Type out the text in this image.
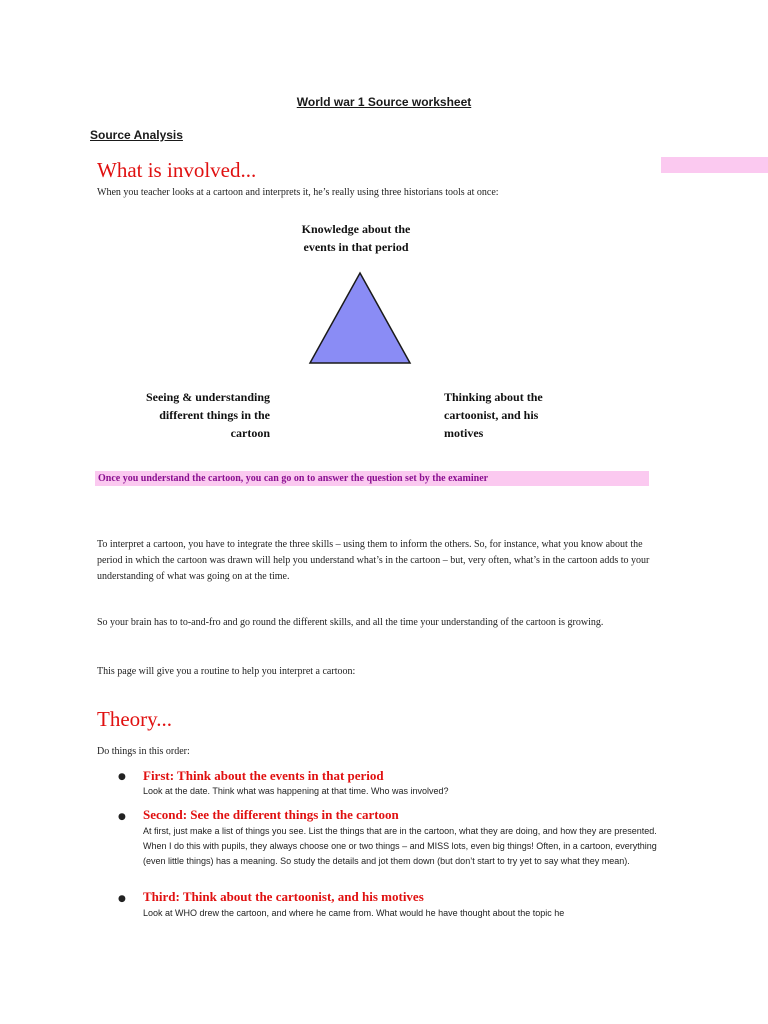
World war 1 Source worksheet
Source Analysis
What is involved...
When you teacher looks at a cartoon and interprets it, he’s really using three historians tools at once:
Knowledge about the
events in that period
Seeing & understanding
different things in the
cartoon
Thinking about the
cartoonist, and his
motives
Once you understand the cartoon, you can go on to answer the question set by the examiner
To interpret a cartoon, you have to integrate the three skills – using them to inform the others. So, for instance, what you know about the period in which the cartoon was drawn will help you understand what’s in the cartoon – but, very often, what’s in the cartoon adds to your understanding of what was going on at the time.
So your brain has to to-and-fro and go round the different skills, and all the time your understanding of the cartoon is growing.
This page will give you a routine to help you interpret a cartoon:
Theory...
Do things in this order:
● First: Think about the events in that period
Look at the date. Think what was happening at that time. Who was involved?
● Second: See the different things in the cartoon
At first, just make a list of things you see. List the things that are in the cartoon, what they are doing, and how they are presented. When I do this with pupils, they always choose one or two things – and MISS lots, even big things! Often, in a cartoon, everything (even little things) has a meaning. So study the details and jot them down (but don’t start to try yet to say what they mean).
● Third: Think about the cartoonist, and his motives
Look at WHO drew the cartoon, and where he came from. What would he have thought about the topic he
